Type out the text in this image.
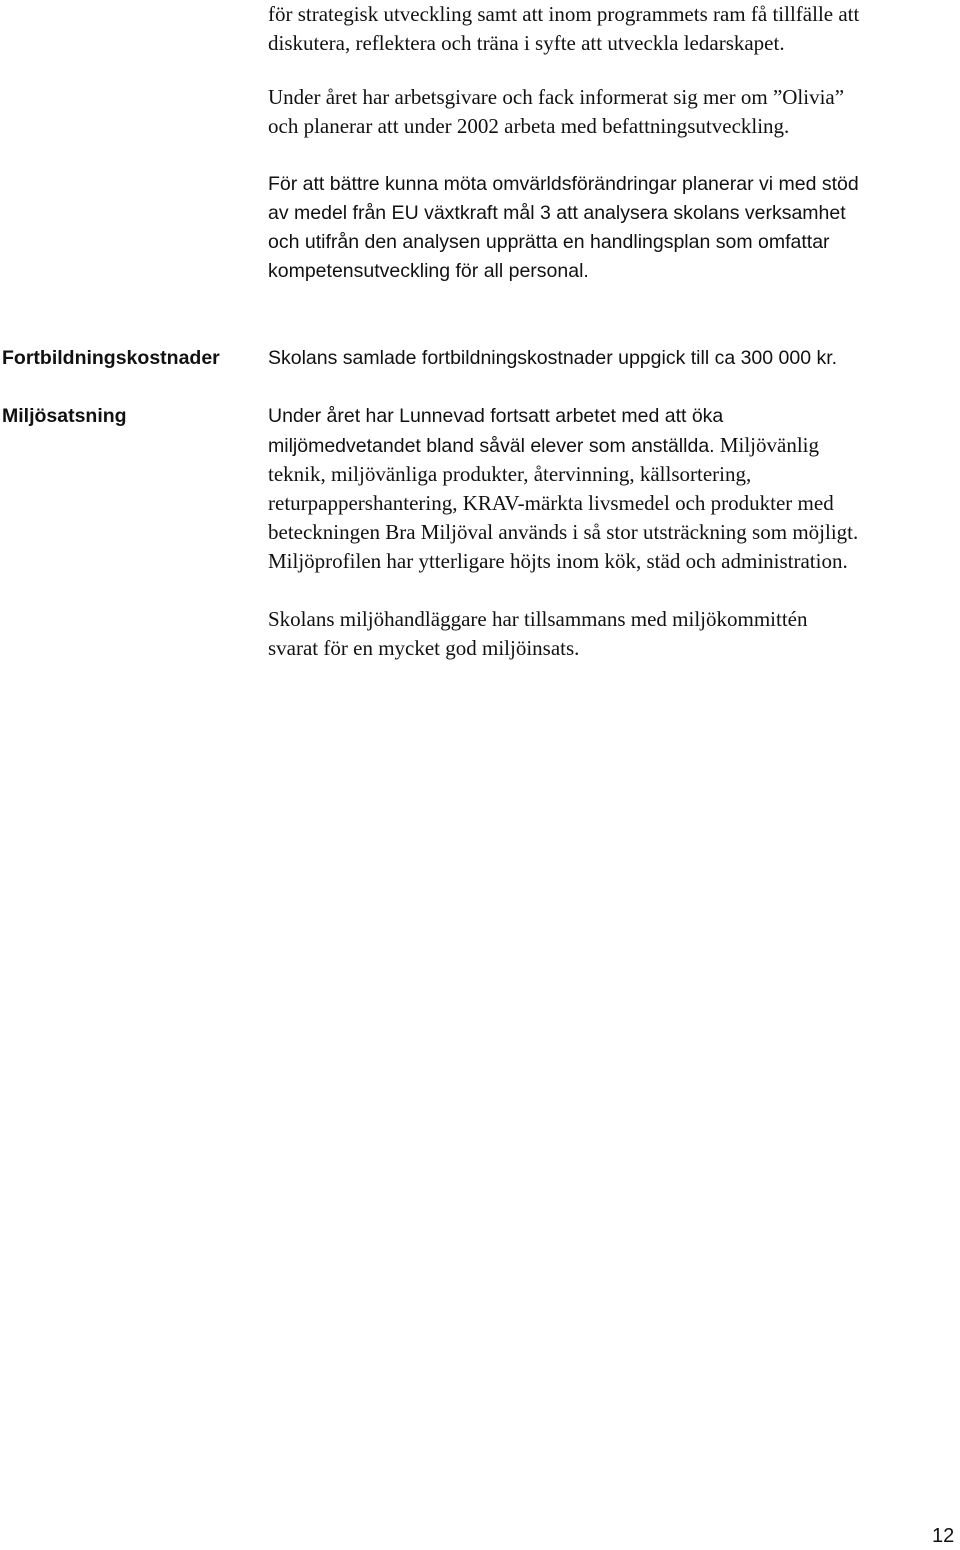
för strategisk utveckling samt att inom programmets ram få tillfälle att
diskutera, reflektera och träna i syfte att utveckla ledarskapet.

Under året har arbetsgivare och fack informerat sig mer om ”Olivia”
och planerar att under 2002 arbeta med befattningsutveckling.

För att bättre kunna möta omvärldsförändringar planerar vi med stöd
av medel från EU växtkraft mål 3 att analysera skolans verksamhet
och utifrån den analysen upprätta en handlingsplan som omfattar
kompetensutveckling för all personal.

Fortbildningskostnader Skolans samlade fortbildningskostnader uppgick till ca 300 000 kr.

Miljösatsning	Under året har Lunnevad fortsatt arbetet med att öka
miljömedvetandet bland såväl elever som anställda. Miljövänlig

teknik, miljövänliga produkter, återvinning, källsortering,
returpappershantering, KRAV-märkta livsmedel och produkter med
beteckningen Bra Miljöval används i så stor utsträckning som möjligt.
Miljöprofilen har ytterligare höjts inom kök, städ och administration.

Skolans miljöhandläggare har tillsammans med miljökommittén
svarat för en mycket god miljöinsats.

12
